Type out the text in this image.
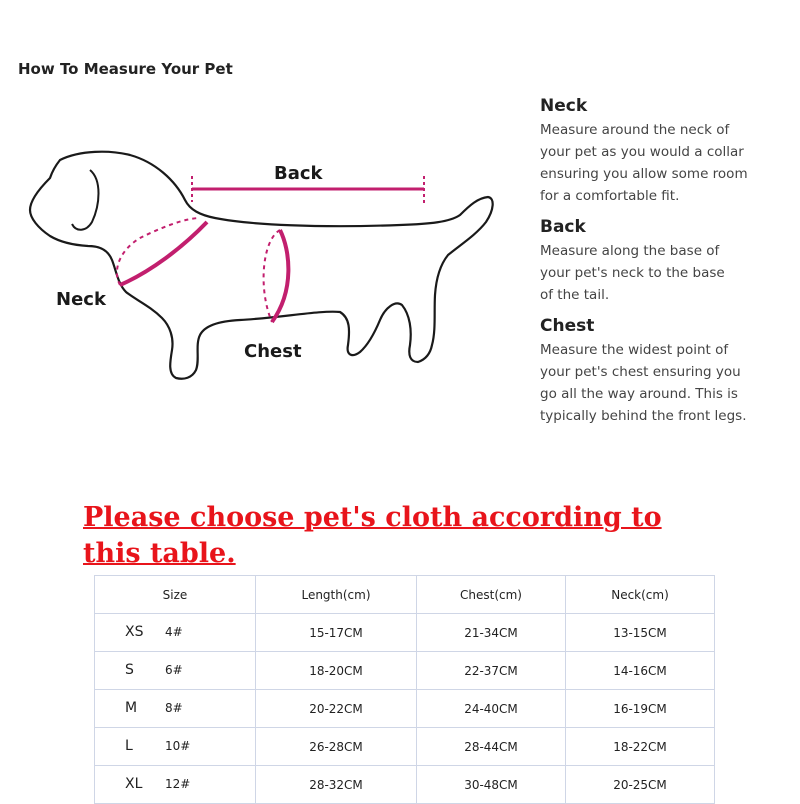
How To Measure Your Pet
Back
Neck
Chest
Neck
Measure around the neck of
your pet as you would a collar
ensuring you allow some room
for a comfortable fit.
Back
Measure along the base of
your pet's neck to the base
of the tail.
Chest
Measure the widest point of
your pet's chest ensuring you
go all the way around. This is
typically behind the front legs.
Please choose pet's cloth according to
this table.
Size	Length(cm)	Chest(cm)	Neck(cm)

XS 4#	15-17CM	21-34CM	13-15CM

S 6#	18-20CM	22-37CM	14-16CM

M 8#	20-22CM	24-40CM	16-19CM

L 10#	26-28CM	28-44CM	18-22CM

XL 12#	28-32CM	30-48CM	20-25CM
